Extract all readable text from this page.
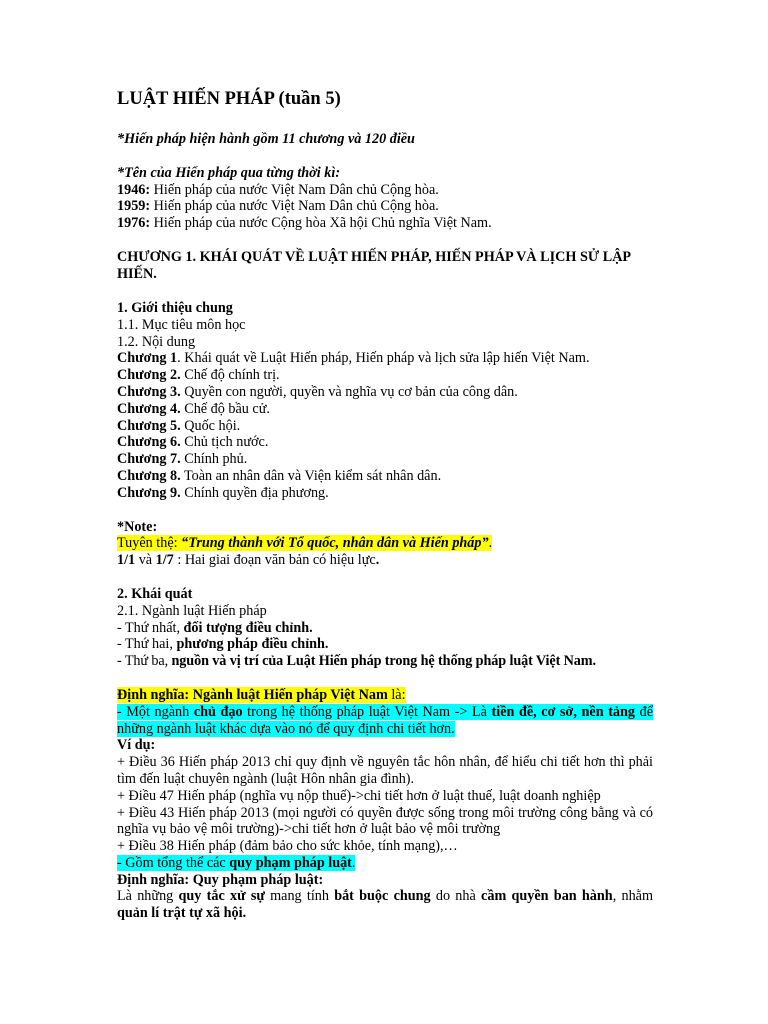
LUẬT HIẾN PHÁP (tuần 5)

*Hiến pháp hiện hành gồm 11 chương và 120 điều

*Tên của Hiến pháp qua từng thời kì:

1946: Hiến pháp của nước Việt Nam Dân chủ Cộng hòa.

1959: Hiến pháp của nước Việt Nam Dân chủ Cộng hòa.

1976: Hiến pháp của nước Cộng hòa Xã hội Chủ nghĩa Việt Nam.

CHƯƠNG 1. KHÁI QUÁT VỀ LUẬT HIẾN PHÁP, HIẾN PHÁP VÀ LỊCH SỬ LẬP HIẾN.

1. Giới thiệu chung

1.1. Mục tiêu môn học

1.2. Nội dung

Chương 1. Khái quát về Luật Hiến pháp, Hiến pháp và lịch sửa lập hiến Việt Nam.

Chương 2. Chế độ chính trị.

Chương 3. Quyền con người, quyền và nghĩa vụ cơ bản của công dân.

Chương 4. Chế độ bầu cử.

Chương 5. Quốc hội.

Chương 6. Chủ tịch nước.

Chương 7. Chính phủ.

Chương 8. Toàn an nhân dân và Viện kiểm sát nhân dân.

Chương 9. Chính quyền địa phương.

*Note:

Tuyên thệ: “Trung thành với Tổ quốc, nhân dân và Hiến pháp”.

1/1 và 1/7 : Hai giai đoạn văn bản có hiệu lực.

2. Khái quát

2.1. Ngành luật Hiến pháp

- Thứ nhất, đối tượng điều chỉnh.

- Thứ hai, phương pháp điều chỉnh.

- Thứ ba, nguồn và vị trí của Luật Hiến pháp trong hệ thống pháp luật Việt Nam.

Định nghĩa: Ngành luật Hiến pháp Việt Nam là:

- Một ngành chủ đạo trong hệ thống pháp luật Việt Nam -> Là tiền đề, cơ sở, nền tảng để những ngành luật khác dựa vào nó để quy định chi tiết hơn.

Ví dụ:

+ Điều 36 Hiến pháp 2013 chỉ quy định về nguyên tắc hôn nhân, để hiểu chi tiết hơn thì phải tìm đến luật chuyên ngành (luật Hôn nhân gia đình).

+ Điều 47 Hiến pháp (nghĩa vụ nộp thuế)->chi tiết hơn ở luật thuế, luật doanh nghiệp

+ Điều 43 Hiến pháp 2013 (mọi người có quyền được sống trong môi trường công bằng và có nghĩa vụ bảo vệ môi trường)->chi tiết hơn ở luật bảo vệ môi trường

+ Điều 38 Hiến pháp (đảm bảo cho sức khỏe, tính mạng),…

- Gồm tổng thể các quy phạm pháp luật.

Định nghĩa: Quy phạm pháp luật:

Là những quy tắc xử sự mang tính bắt buộc chung do nhà cầm quyền ban hành, nhằm quản lí trật tự xã hội.
